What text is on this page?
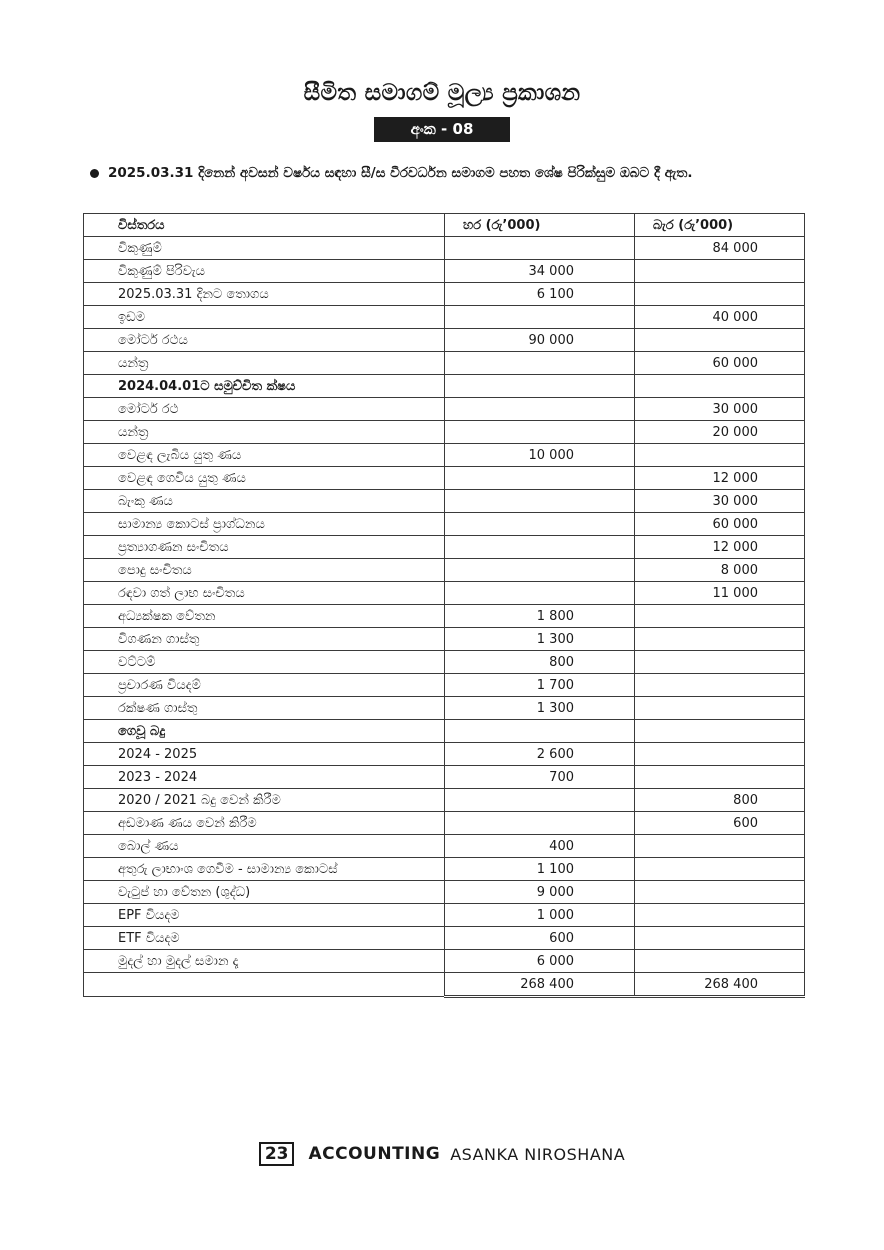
සීමිත සමාගම් මූල්‍ය ප්‍රකාශන
අංක - 08
2025.03.31 දිනෙන් අවසන් වර්ෂය සඳහා සී/ස වීරවර්ධන සමාගම පහත ශේෂ පිරික්සුම ඔබට දී ඇත.
විස්තරය	හර (රු’000)	බැර (රු’000)
විකුණුම්		84 000
විකුණුම් පිරිවැය	34 000	
2025.03.31 දිනට තොගය	6 100	
ඉඩම		40 000
මෝටර් රථය	90 000	
යන්ත්‍ර		60 000
2024.04.01ට සමුච්චිත ක්ෂය		
මෝටර් රථ		30 000
යන්ත්‍ර		20 000
වෙළඳ ලැබිය යුතු ණය	10 000	
වෙළඳ ගෙවිය යුතු ණය		12 000
බැංකු ණය		30 000
සාමාන්‍ය කොටස් ප්‍රාග්ධනය		60 000
ප්‍රත්‍යාගණන සංචිතය		12 000
පොදු සංචිතය		8 000
රඳවා ගත් ලාභ සංචිතය		11 000
අධ්‍යක්ෂක වේතන	1 800	
විගණන ගාස්තු	1 300	
වට්ටම්	800	
ප්‍රචාරණ වියදම්	1 700	
රක්ෂණ ගාස්තු	1 300	
ගෙවූ බදු		
2024 - 2025	2 600	
2023 - 2024	700	
2020 / 2021 බදු වෙන් කිරීම		800
අඩමාණ ණය වෙන් කිරීම		600
බොල් ණය	400	
අතුරු ලාභාංශ ගෙවීම - සාමාන්‍ය කොටස්	1 100	
වැටුප් හා වේතන (ශුද්ධ)	9 000	
EPF වියදම	1 000	
ETF වියදම	600	
මුදල් හා මුදල් සමාන දෑ	6 000	
	268 400	268 400
23	ACCOUNTING ASANKA NIROSHANA
